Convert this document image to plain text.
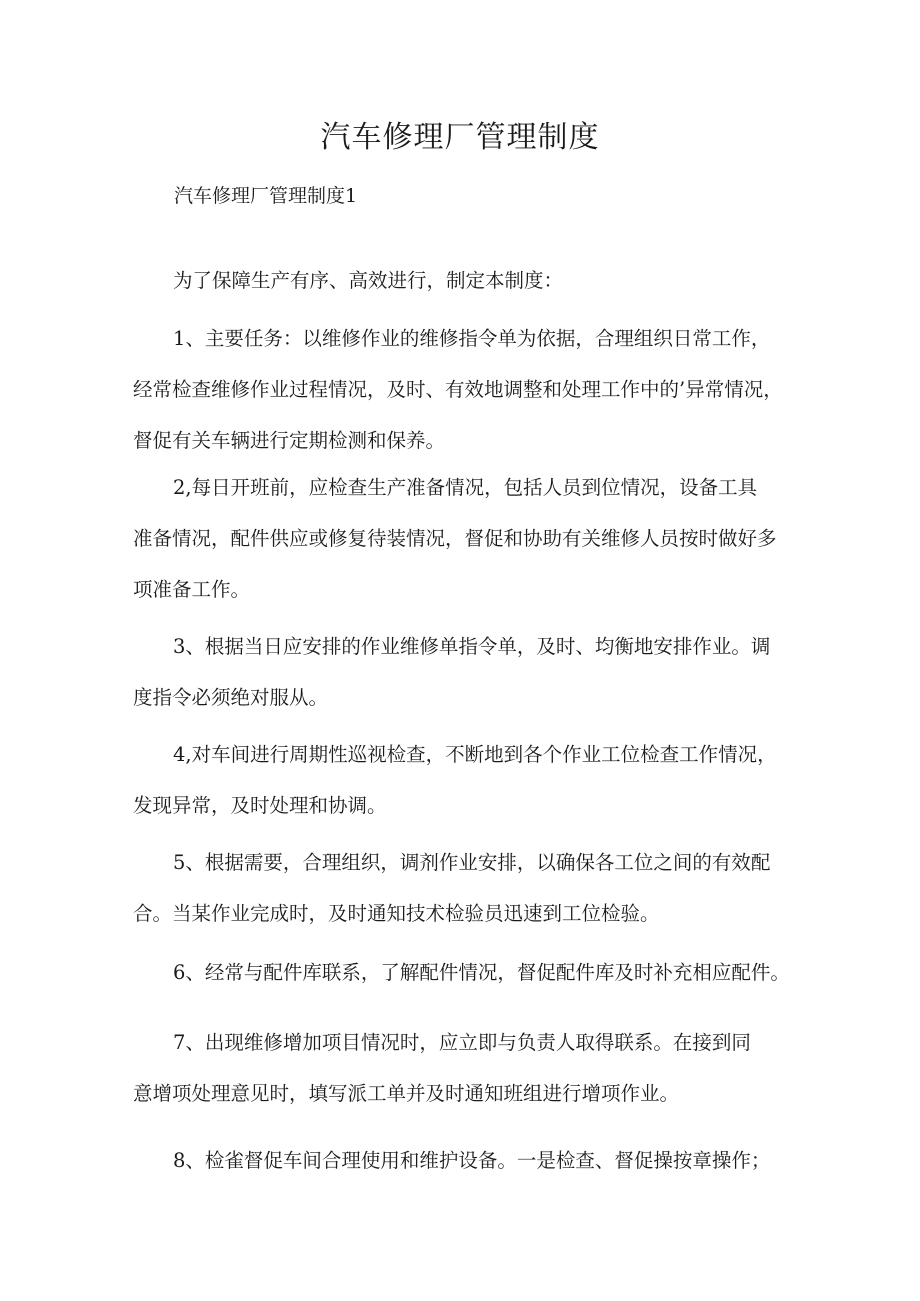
汽车修理厂管理制度

汽车修理厂管理制度1

为了保障生产有序、高效进行，制定本制度：

1、主要任务：以维修作业的维修指令单为依据，合理组织日常工作，
经常检查维修作业过程情况，及时、有效地调整和处理工作中的’异常情况，
督促有关车辆进行定期检测和保养。

2,每日开班前，应检查生产准备情况，包括人员到位情况，设备工具
准备情况，配件供应或修复待装情况，督促和协助有关维修人员按时做好多
项准备工作。

3、根据当日应安排的作业维修单指令单，及时、均衡地安排作业。调
度指令必须绝对服从。

4,对车间进行周期性巡视检查，不断地到各个作业工位检查工作情况，
发现异常，及时处理和协调。

5、根据需要，合理组织，调剂作业安排，以确保各工位之间的有效配
合。当某作业完成时，及时通知技术检验员迅速到工位检验。

6、经常与配件库联系，了解配件情况，督促配件库及时补充相应配件。

7、出现维修增加项目情况时，应立即与负责人取得联系。在接到同
意增项处理意见时，填写派工单并及时通知班组进行增项作业。

8、检雀督促车间合理使用和维护设备。一是检查、督促操按章操作；
